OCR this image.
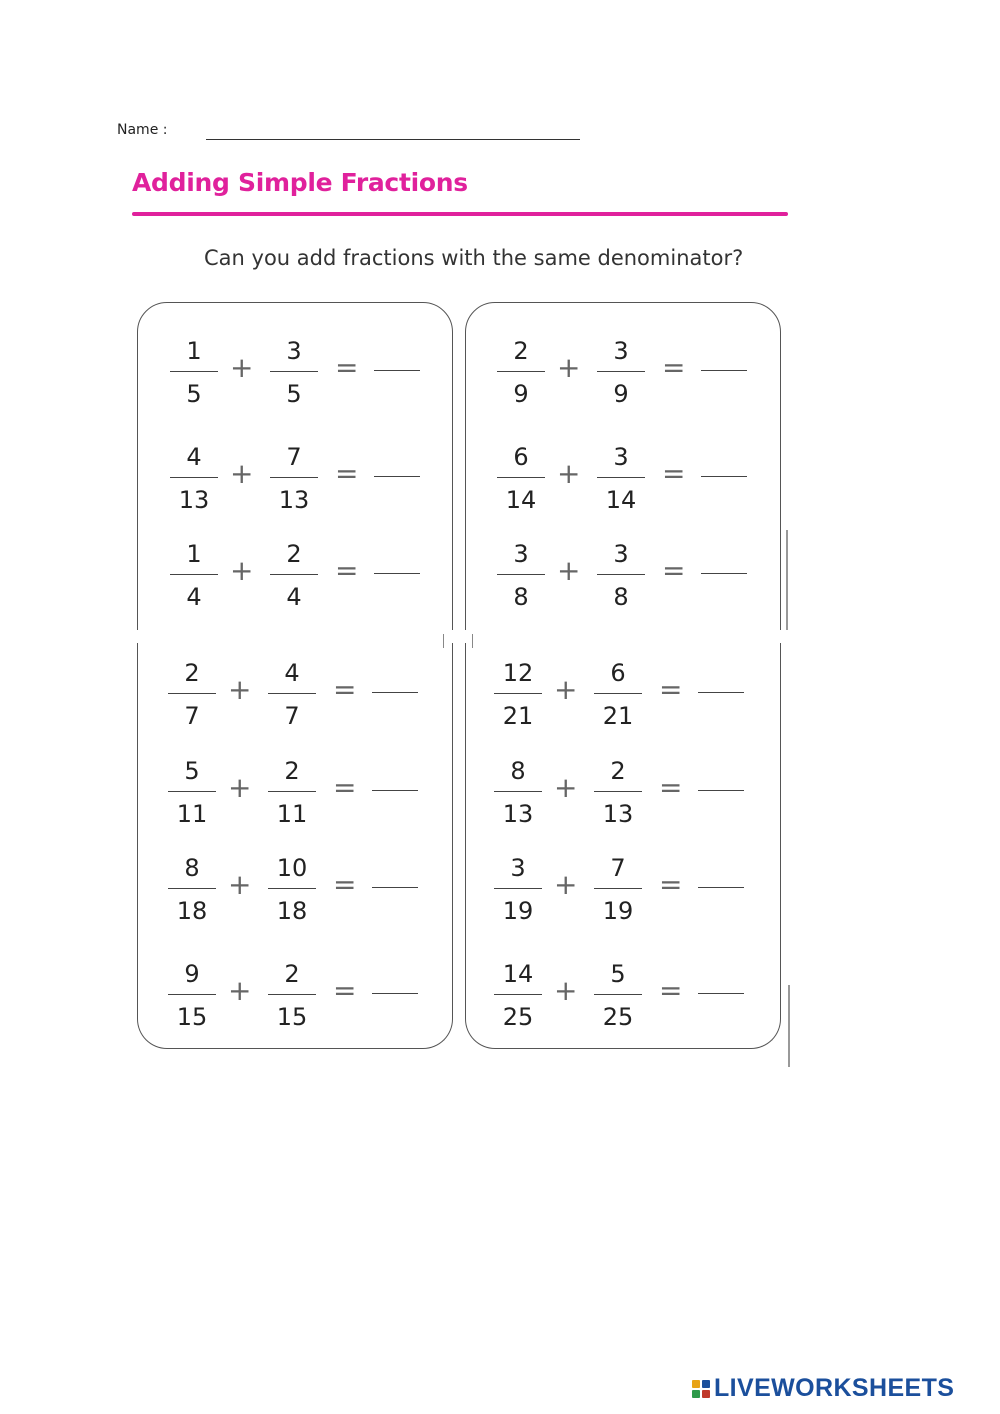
Name :
Adding Simple Fractions
Can you add fractions with the same denominator?
1
5
+	3
5
=
4
13
+	7
13
=
1
4
+	2
4
=
2
9
+	3
9
=
6
14
+	3
14
=
3
8
+	3
8
=
2
7
+	4
7
=
5
11
+	2
11
=
8
18
+	10
18
=
9
15
+	2
15
=
12
21
+	6
21
=
8
13
+	2
13
=
3
19
+	7
19
=
14
25
+	5
25
=
LIVEWORKSHEETS
